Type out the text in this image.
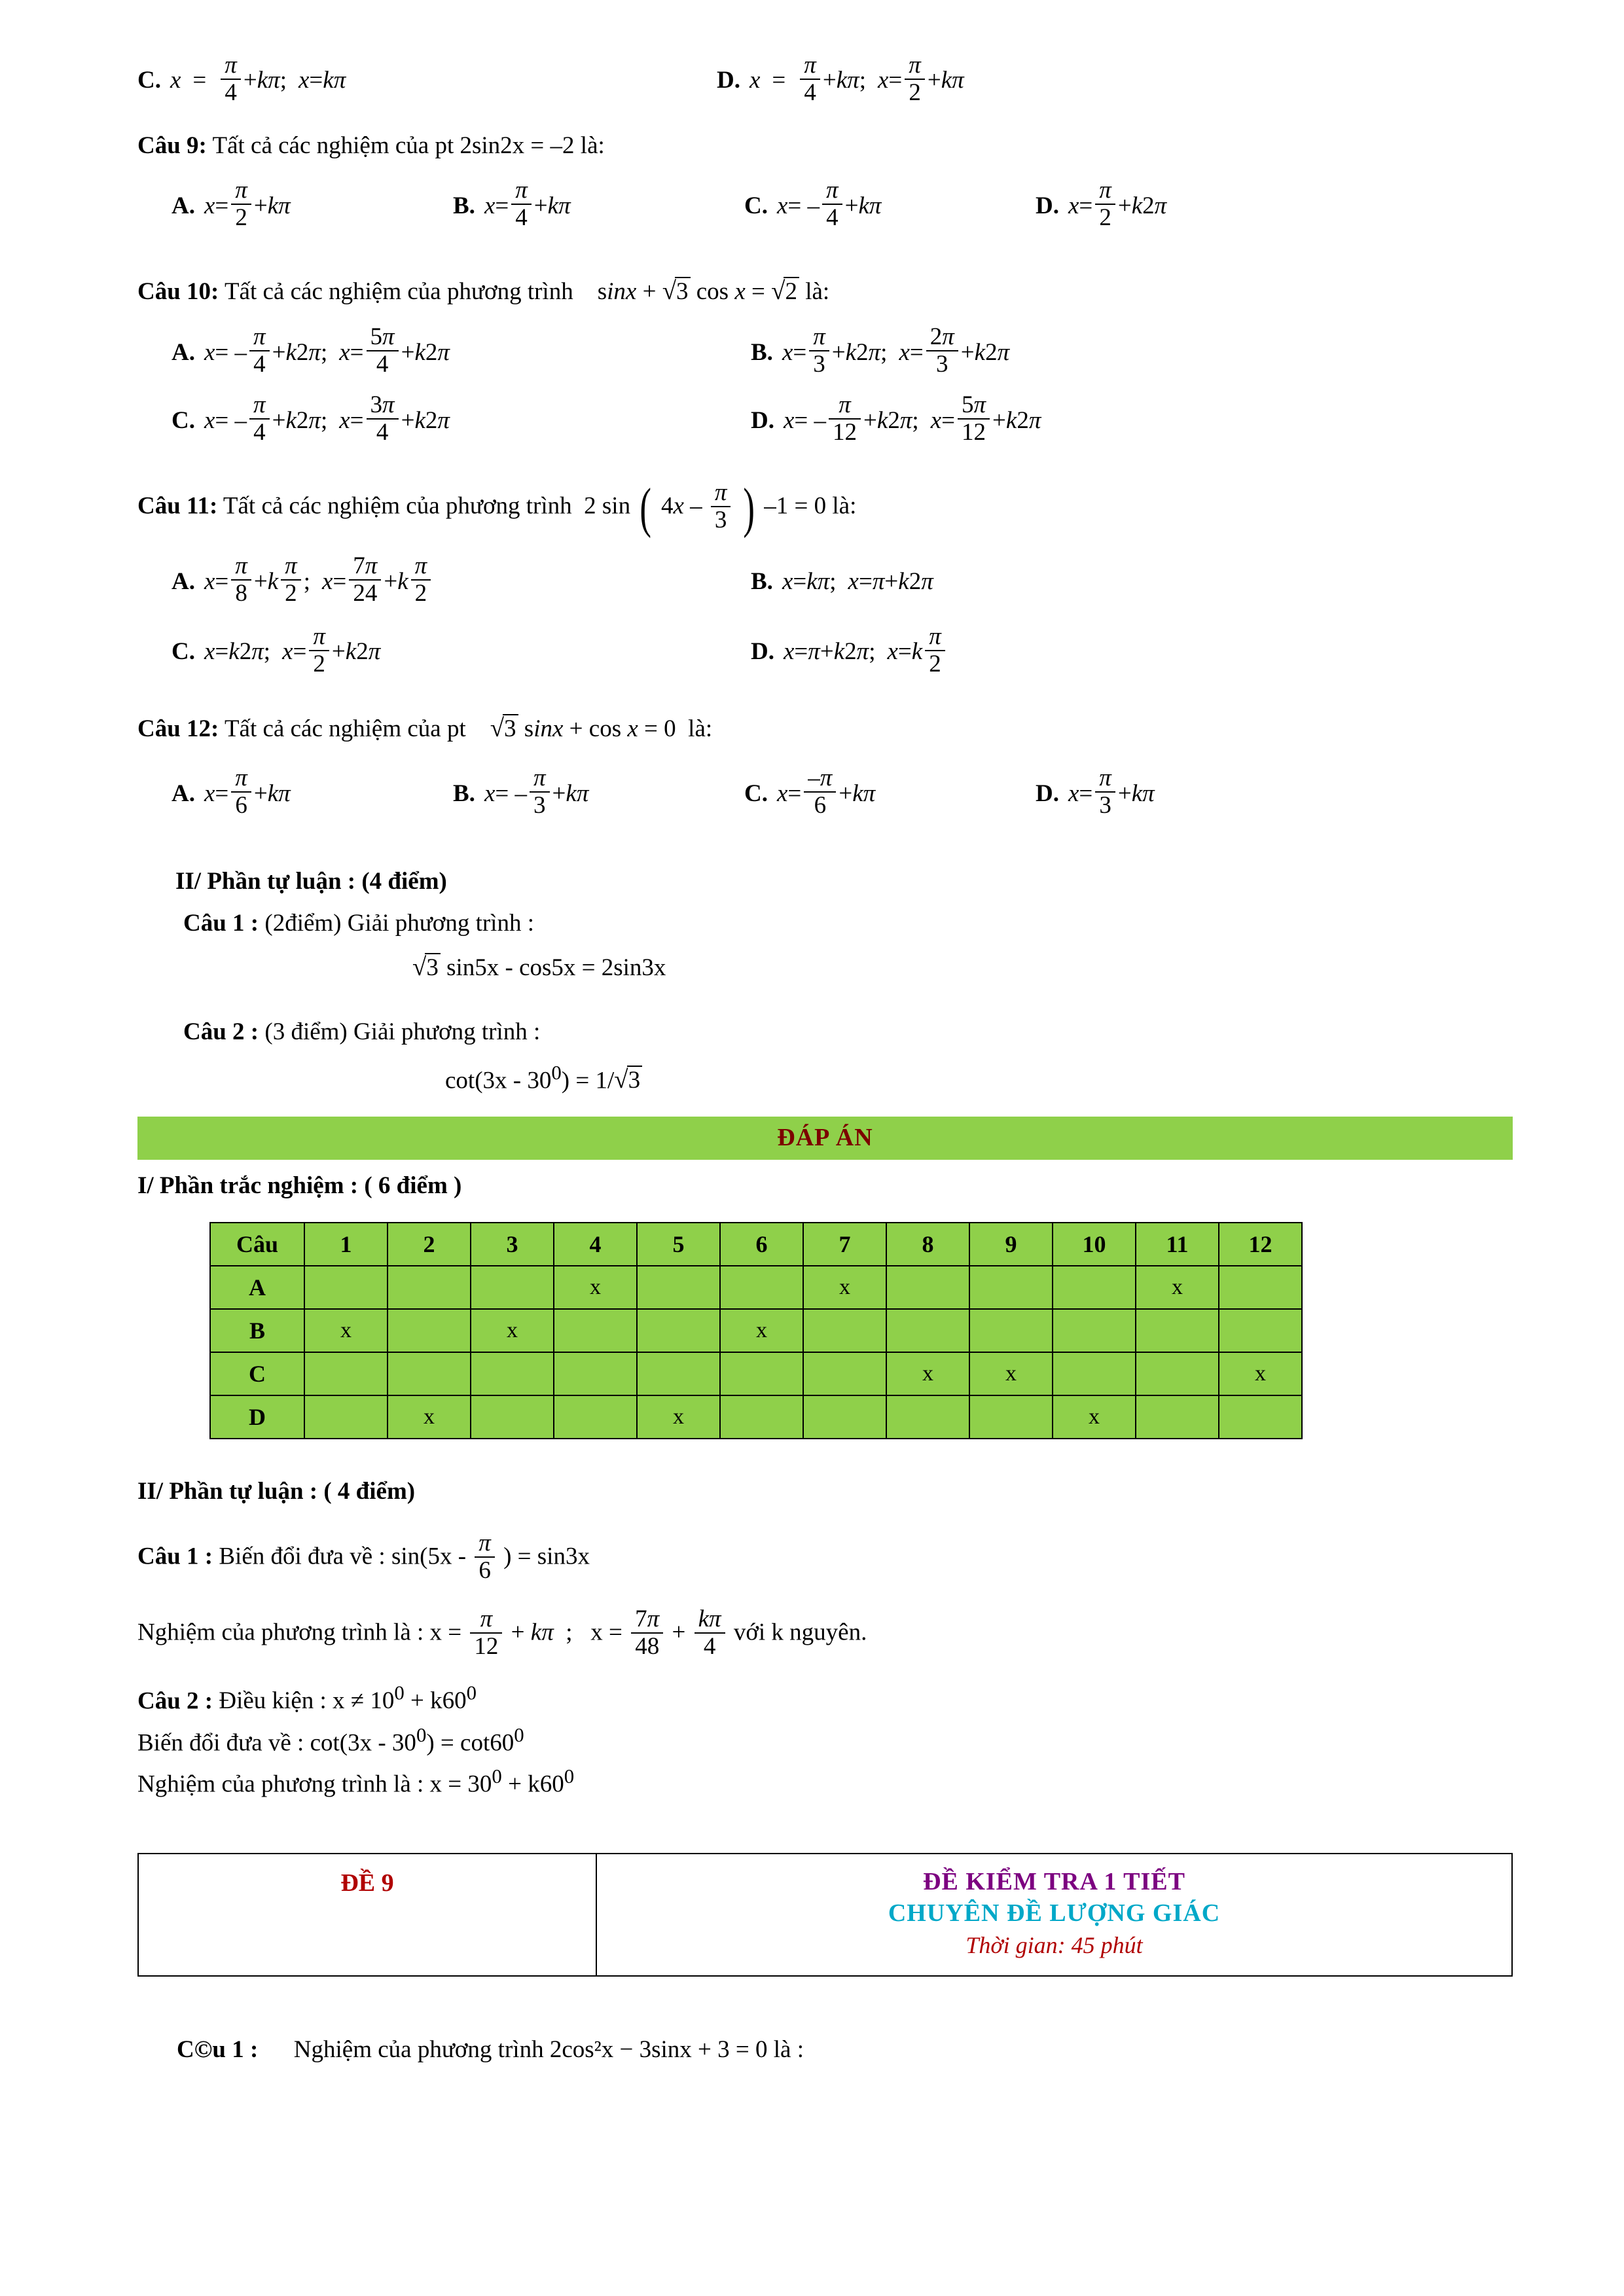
C. $x = \frac{\pi}{4} + k$ π ; x = k π	D. $x = \frac{\pi}{4} + k$ π ; $x = \frac{\pi}{2} + k$ π
Câu 9: Tất cả các nghiệm của pt 2sin2x = –2 là:
A. $x = \frac{\pi}{2} + k$ π	B. $x = \frac{\pi}{4} + k$ π	C. x = – $\frac{\pi}{4} + k$ π	D. $x = \frac{\pi}{2} + k$ 2 π
Câu 10: Tất cả các nghiệm của phương trình    sinx + √3 cos x = √2 là:
A. x = – $\frac{\pi}{4} + k$ 2 π ; $x = \frac{5\pi}{4} + k$ 2 π	B. $x = \frac{\pi}{3} + k$ 2 π ; $x = \frac{2\pi}{3} + k$ 2 π
C. x = – $\frac{\pi}{4} + k$ 2 π ; $x = \frac{3\pi}{4} + k$ 2 π	D. x = – $\frac{\pi}{12} + k$ 2 π ; $x = \frac{5\pi}{12} + k$ 2 π
Câu 11: Tất cả các nghiệm của phương trình  2 sin ( $4x - \frac{\pi}{3}$ ) –1 = 0 là:
A. $x = \frac{\pi}{8} + k \frac{\pi}{2}$ ; $x = \frac{7\pi}{24} + k \frac{\pi}{2}$	B. x = k π ; x = π + k 2 π
C. x = k 2 π ; $x = \frac{\pi}{2} + k$ 2 π	D. x = π + k 2 π ; x = k $\frac{\pi}{2}$
Câu 12: Tất cả các nghiệm của pt    √3 sinx + cos x = 0  là:
A. $x = \frac{\pi}{6} + k$ π	B. x = – $\frac{\pi}{3} + k$ π	C. $x = \frac{-\pi}{6} + k$ π	D. $x = \frac{\pi}{3} + k$ π
II/ Phần tự luận : (4 điểm)
Câu 1 : (2điểm) Giải phương trình :
√3 sin5x - cos5x = 2sin3x
Câu 2 : (3 điểm) Giải phương trình :
$\cot(3x - 30^0) = 1/√3$
ĐÁP ÁN
I/ Phần trắc nghiệm : ( 6 điểm )
Câu	1	2	3	4	5	6	7	8	9	10	11	12
A				x			x				x	
B	x		x			x						
C								x	x			x
D		x			x					x		
II/ Phần tự luận : ( 4 điểm)
Câu 1 : Biến đổi đưa về : $\sin(5x - \frac{\pi}{6}$ ) = sin3x
Nghiệm của phương trình là : $x = \frac{\pi}{12} + k\pi$  ;   $x = \frac{7\pi}{48} + \frac{k\pi}{4}$ với k nguyên.
Câu 2 : Điều kiện : $x \ne 10^0 + k60^0$
Biến đổi đưa về : $\cot(3x - 30^0) = \cot 60^0$
Nghiệm của phương trình là : $x = 30^0 + k60^0$
ĐỀ 9	ĐỀ KIỂM TRA 1 TIẾT
CHUYÊN ĐỀ LƯỢNG GIÁC
Thời gian: 45 phút
C©u 1 : Nghiệm của phương trình 2cos²x − 3sinx + 3 = 0 là :
